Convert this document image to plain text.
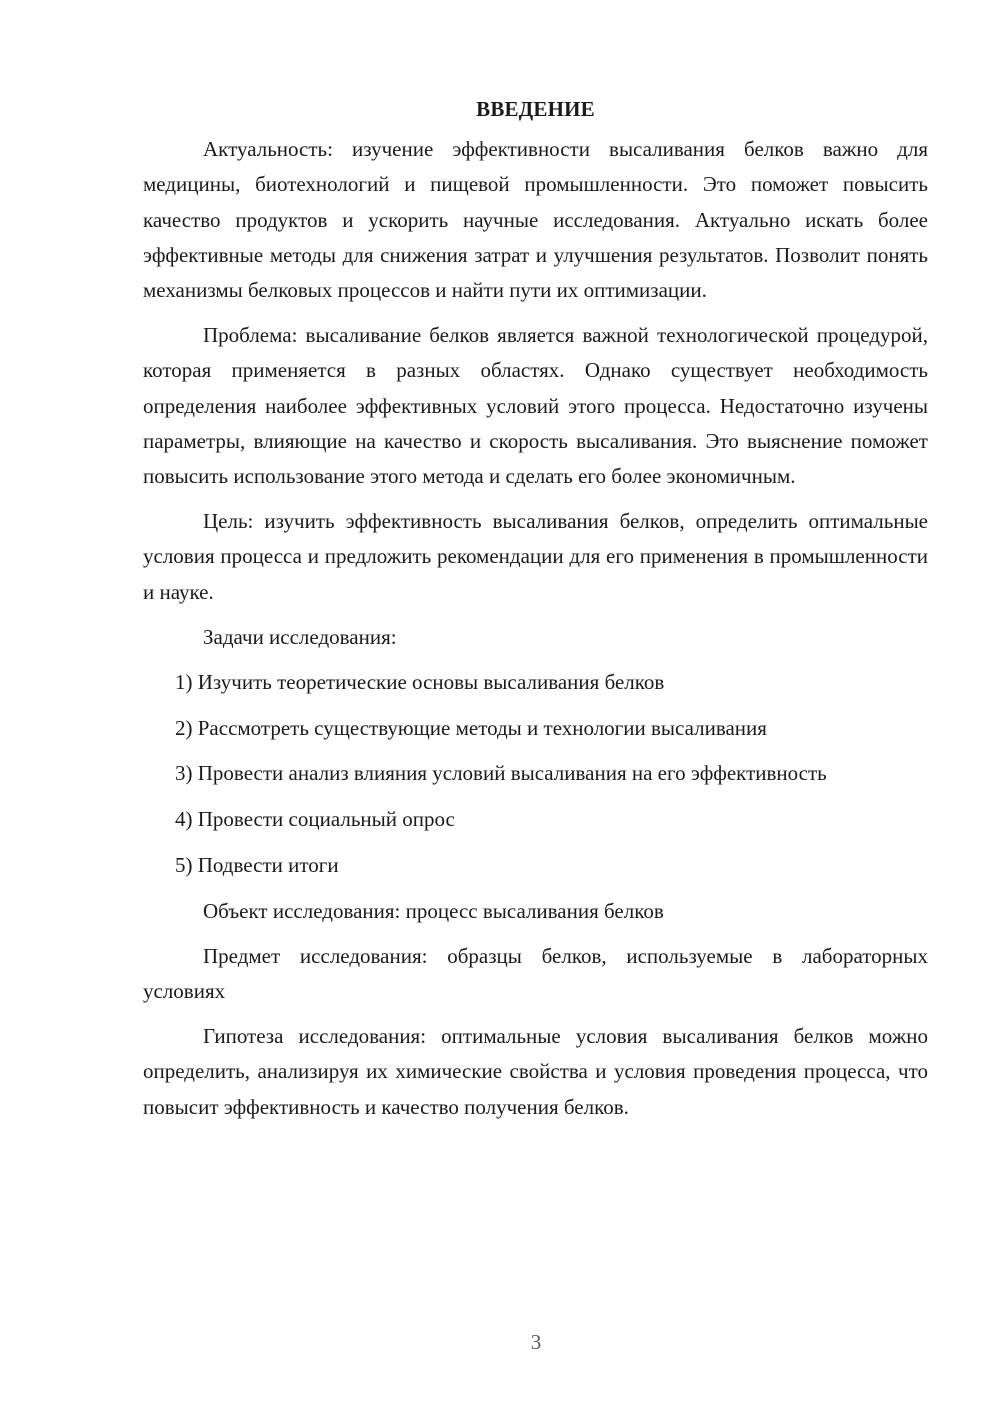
ВВЕДЕНИЕ

Актуальность: изучение эффективности высаливания белков важно для медицины, биотехнологий и пищевой промышленности. Это поможет повысить качество продуктов и ускорить научные исследования. Актуально искать более эффективные методы для снижения затрат и улучшения результатов. Позволит понять механизмы белковых процессов и найти пути их оптимизации.

Проблема: высаливание белков является важной технологической процедурой, которая применяется в разных областях. Однако существует необходимость определения наиболее эффективных условий этого процесса. Недостаточно изучены параметры, влияющие на качество и скорость высаливания. Это выяснение поможет повысить использование этого метода и сделать его более экономичным.

Цель: изучить эффективность высаливания белков, определить оптимальные условия процесса и предложить рекомендации для его применения в промышленности и науке.

Задачи исследования:

1) Изучить теоретические основы высаливания белков

2) Рассмотреть существующие методы и технологии высаливания

3) Провести анализ влияния условий высаливания на его эффективность

4) Провести социальный опрос

5) Подвести итоги

Объект исследования: процесс высаливания белков

Предмет исследования: образцы белков, используемые в лабораторных условиях

Гипотеза исследования: оптимальные условия высаливания белков можно определить, анализируя их химические свойства и условия проведения процесса, что повысит эффективность и качество получения белков.

3
